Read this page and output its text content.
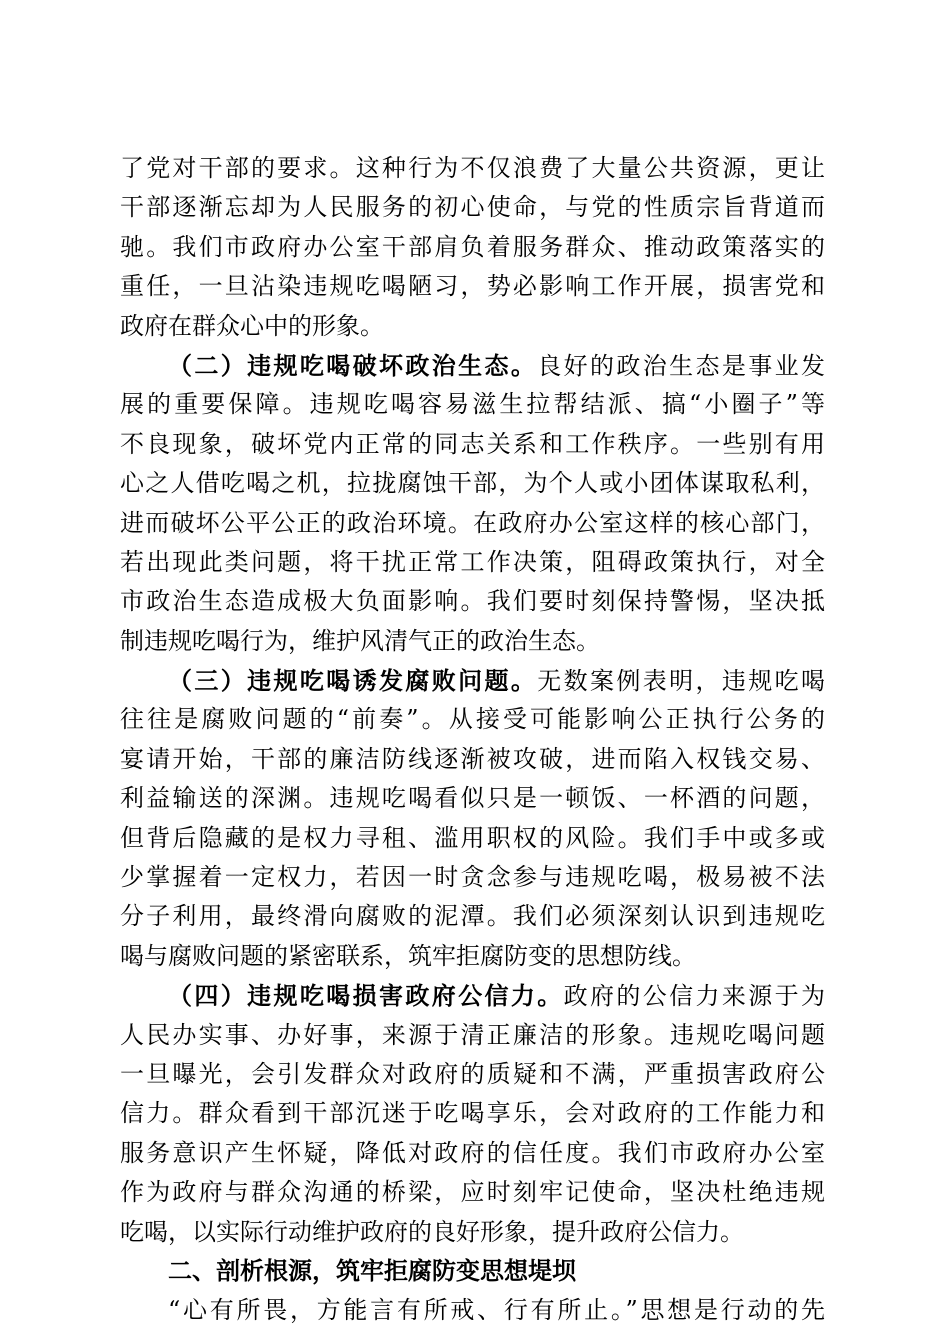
了党对干部的要求。这种行为不仅浪费了大量公共资源，更让
干部逐渐忘却为人民服务的初心使命，与党的性质宗旨背道而
驰。我们市政府办公室干部肩负着服务群众、推动政策落实的
重任，一旦沾染违规吃喝陋习，势必影响工作开展，损害党和
政府在群众心中的形象。
（二）违规吃喝破坏政治生态。良好的政治生态是事业发
展的重要保障。违规吃喝容易滋生拉帮结派、搞“小圈子”等
不良现象，破坏党内正常的同志关系和工作秩序。一些别有用
心之人借吃喝之机，拉拢腐蚀干部，为个人或小团体谋取私利，
进而破坏公平公正的政治环境。在政府办公室这样的核心部门，
若出现此类问题，将干扰正常工作决策，阻碍政策执行，对全
市政治生态造成极大负面影响。我们要时刻保持警惕，坚决抵
制违规吃喝行为，维护风清气正的政治生态。
（三）违规吃喝诱发腐败问题。无数案例表明，违规吃喝
往往是腐败问题的“前奏”。从接受可能影响公正执行公务的
宴请开始，干部的廉洁防线逐渐被攻破，进而陷入权钱交易、
利益输送的深渊。违规吃喝看似只是一顿饭、一杯酒的问题，
但背后隐藏的是权力寻租、滥用职权的风险。我们手中或多或
少掌握着一定权力，若因一时贪念参与违规吃喝，极易被不法
分子利用，最终滑向腐败的泥潭。我们必须深刻认识到违规吃
喝与腐败问题的紧密联系，筑牢拒腐防变的思想防线。
（四）违规吃喝损害政府公信力。政府的公信力来源于为
人民办实事、办好事，来源于清正廉洁的形象。违规吃喝问题
一旦曝光，会引发群众对政府的质疑和不满，严重损害政府公
信力。群众看到干部沉迷于吃喝享乐，会对政府的工作能力和
服务意识产生怀疑，降低对政府的信任度。我们市政府办公室
作为政府与群众沟通的桥梁，应时刻牢记使命，坚决杜绝违规
吃喝，以实际行动维护政府的良好形象，提升政府公信力。
二、剖析根源，筑牢拒腐防变思想堤坝
“心有所畏，方能言有所戒、行有所止。”思想是行动的先
